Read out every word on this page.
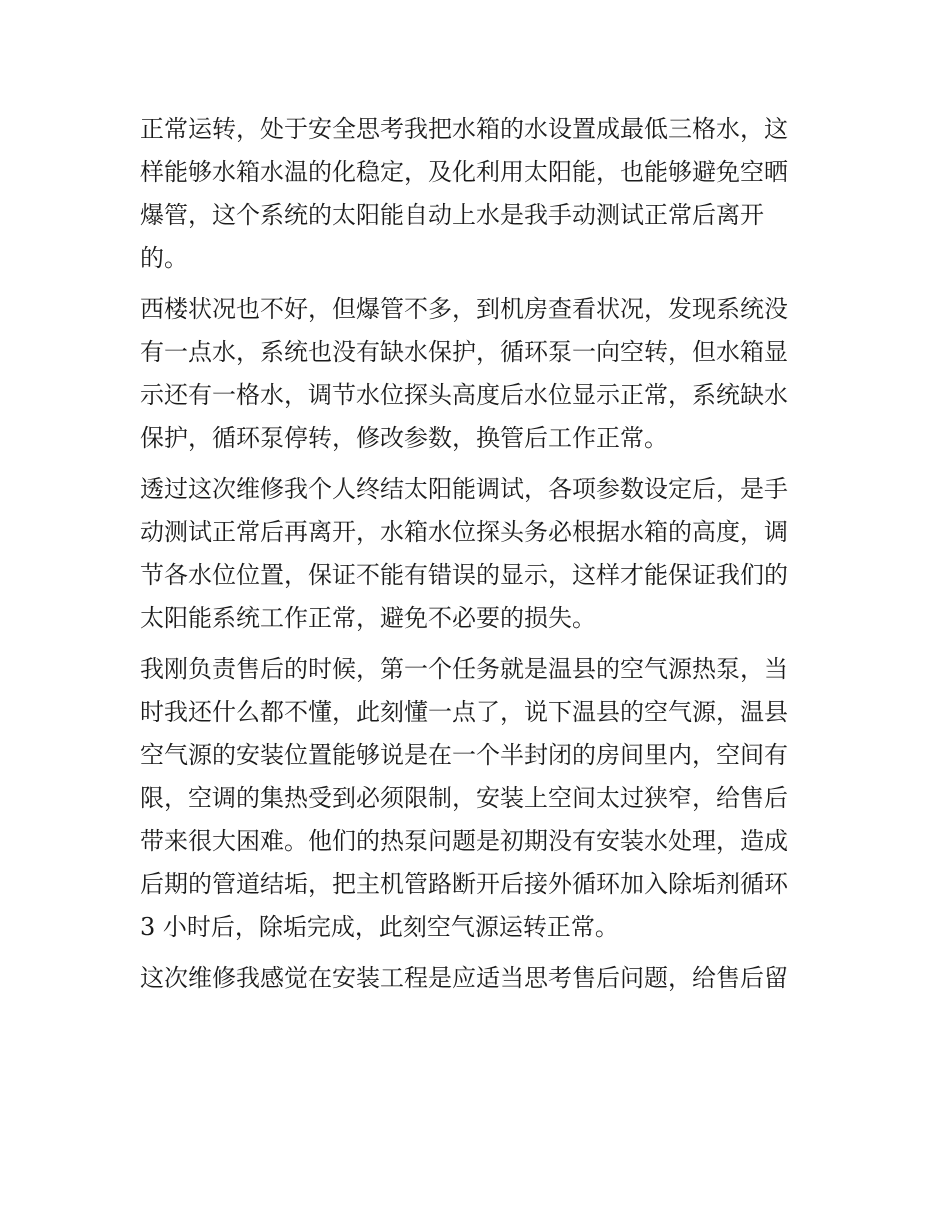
正常运转，处于安全思考我把水箱的水设置成最低三格水，这
样能够水箱水温的化稳定，及化利用太阳能，也能够避免空晒
爆管，这个系统的太阳能自动上水是我手动测试正常后离开
的。
西楼状况也不好，但爆管不多，到机房查看状况，发现系统没
有一点水，系统也没有缺水保护，循环泵一向空转，但水箱显
示还有一格水，调节水位探头高度后水位显示正常，系统缺水
保护，循环泵停转，修改参数，换管后工作正常。
透过这次维修我个人终结太阳能调试，各项参数设定后，是手
动测试正常后再离开，水箱水位探头务必根据水箱的高度，调
节各水位位置，保证不能有错误的显示，这样才能保证我们的
太阳能系统工作正常，避免不必要的损失。
我刚负责售后的时候，第一个任务就是温县的空气源热泵，当
时我还什么都不懂，此刻懂一点了，说下温县的空气源，温县
空气源的安装位置能够说是在一个半封闭的房间里内，空间有
限，空调的集热受到必须限制，安装上空间太过狭窄，给售后
带来很大困难。他们的热泵问题是初期没有安装水处理，造成
后期的管道结垢，把主机管路断开后接外循环加入除垢剂循环
3 小时后，除垢完成，此刻空气源运转正常。
这次维修我感觉在安装工程是应适当思考售后问题，给售后留
